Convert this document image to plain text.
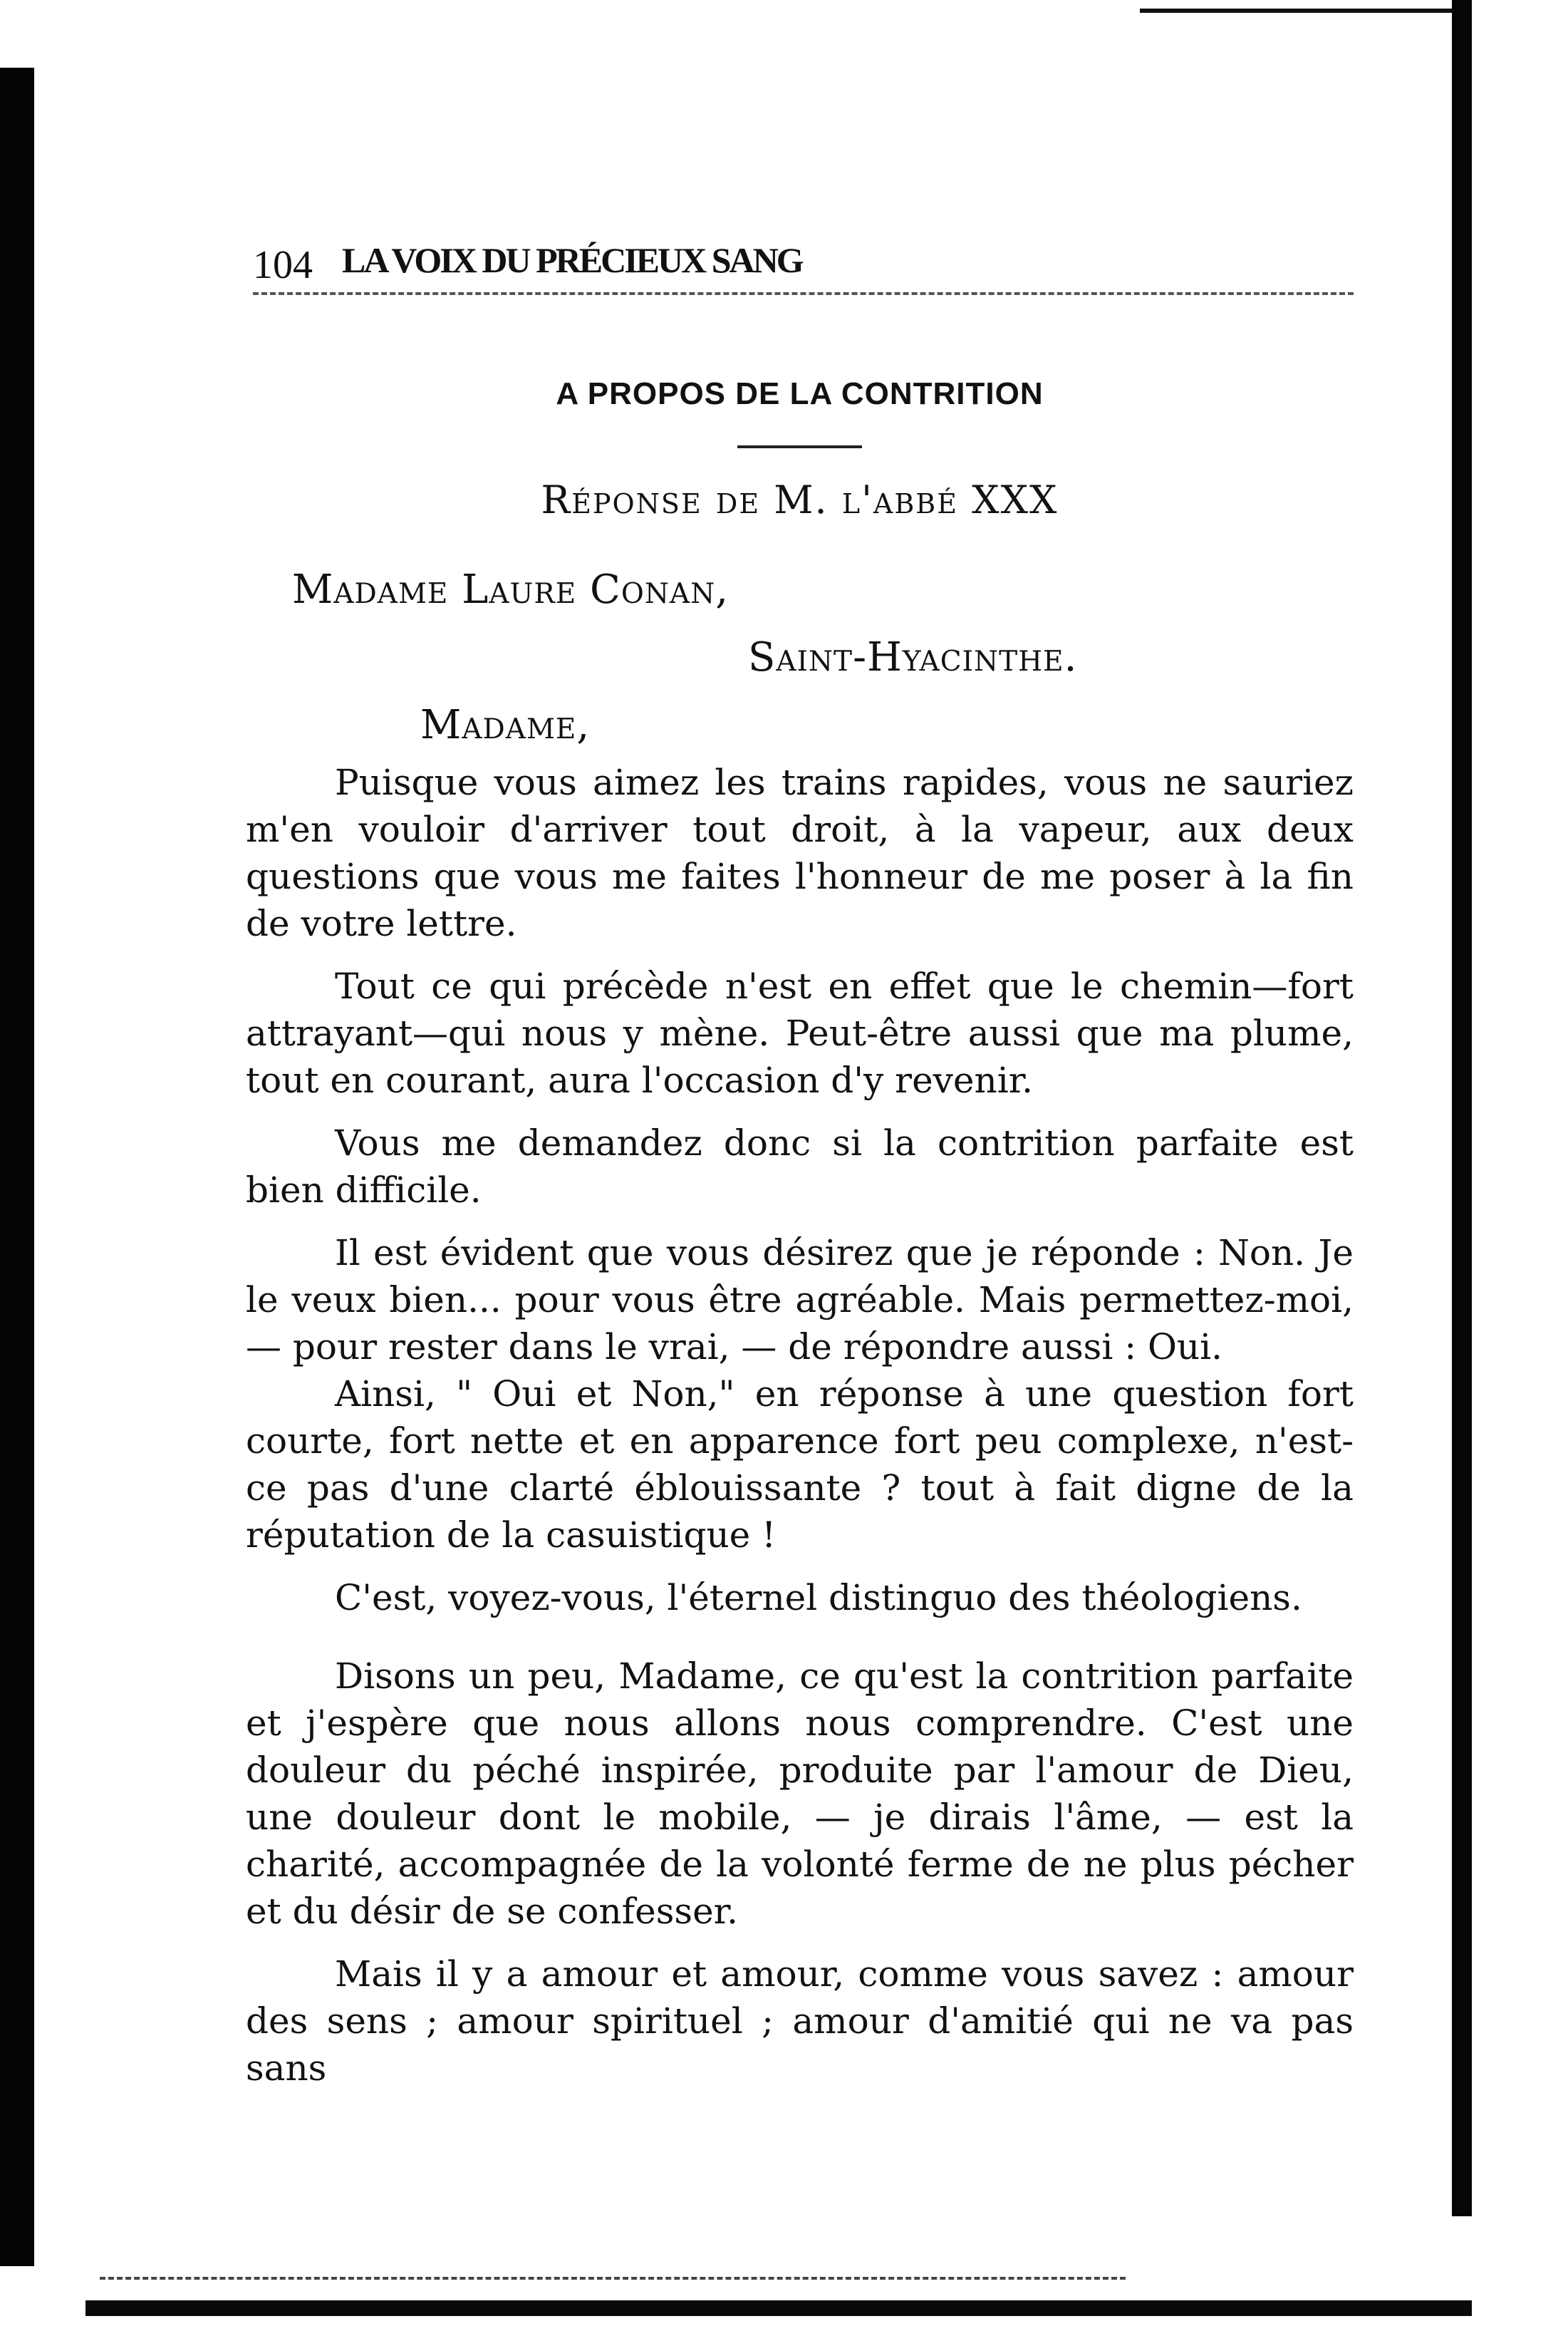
104 LA VOIX DU PRÉCIEUX SANG
A PROPOS DE LA CONTRITION
Réponse de M. l'abbé XXX
Madame Laure Conan,
Saint-Hyacinthe.
Madame,

Puisque vous aimez les trains rapides, vous ne sauriez m'en vouloir d'arriver tout droit, à la vapeur, aux deux questions que vous me faites l'honneur de me poser à la fin de votre lettre.

Tout ce qui précède n'est en effet que le chemin—fort attrayant—qui nous y mène. Peut-être aussi que ma plume, tout en courant, aura l'occasion d'y revenir.

Vous me demandez donc si la contrition parfaite est bien difficile.

Il est évident que vous désirez que je réponde : Non. Je le veux bien... pour vous être agréable. Mais permettez-moi, — pour rester dans le vrai, — de répondre aussi : Oui.

Ainsi, " Oui et Non," en réponse à une question fort courte, fort nette et en apparence fort peu complexe, n'est-ce pas d'une clarté éblouissante ? tout à fait digne de la réputation de la casuistique !

C'est, voyez-vous, l'éternel distinguo des théologiens.

Disons un peu, Madame, ce qu'est la contrition parfaite et j'espère que nous allons nous comprendre. C'est une douleur du péché inspirée, produite par l'amour de Dieu, une douleur dont le mobile, — je dirais l'âme, — est la charité, accompagnée de la volonté ferme de ne plus pécher et du désir de se confesser.

Mais il y a amour et amour, comme vous savez : amour des sens ; amour spirituel ; amour d'amitié qui ne va pas sans
